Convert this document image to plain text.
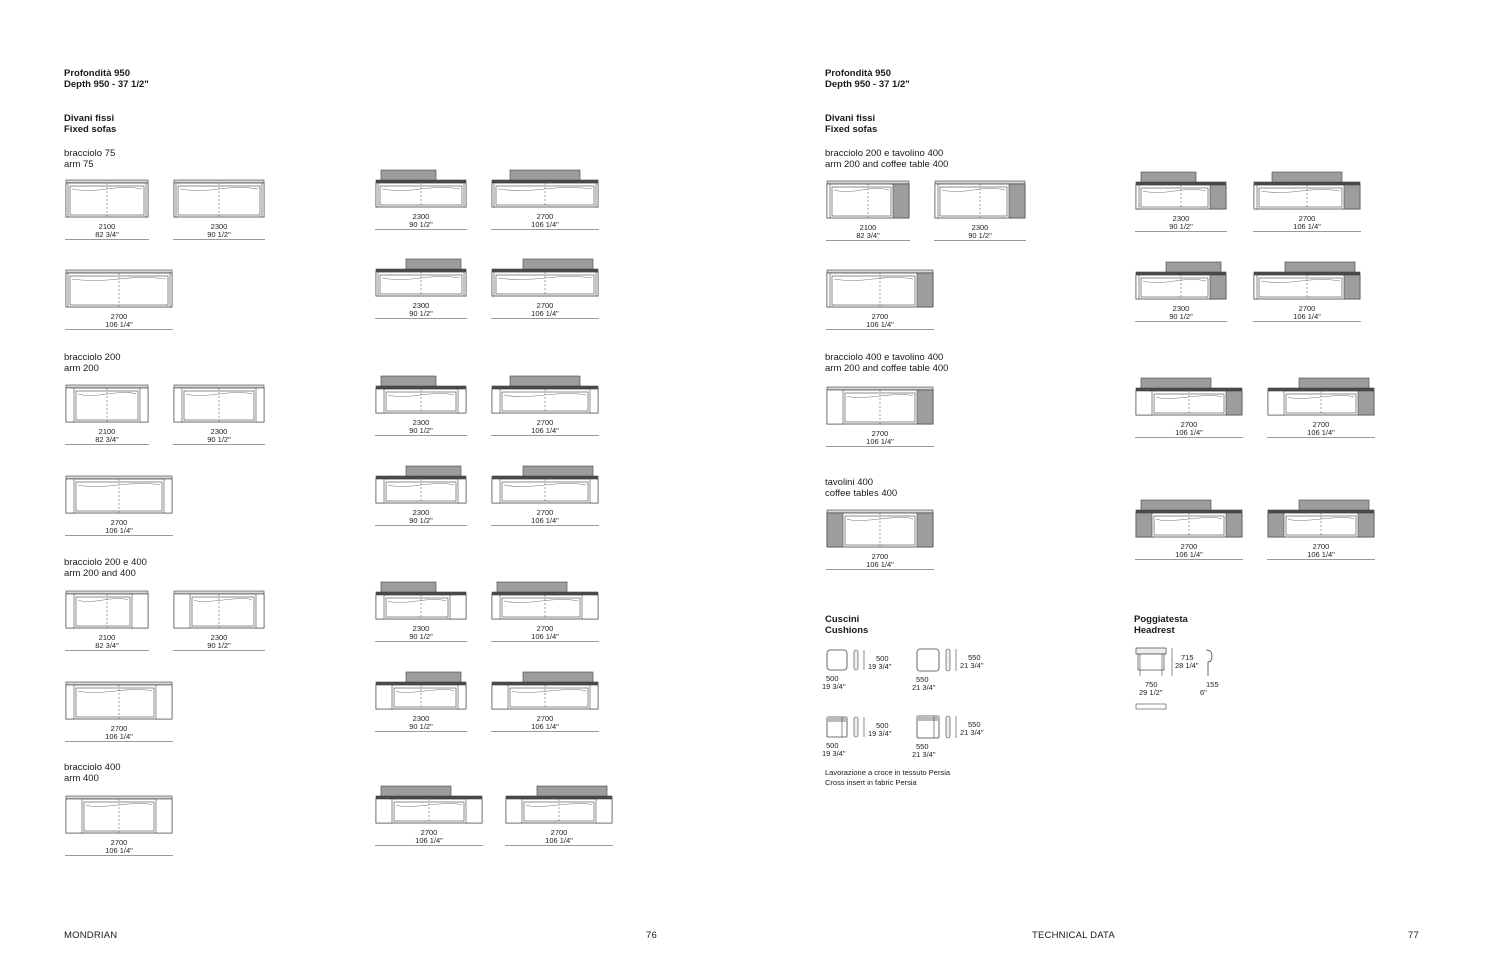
Profondità 950
Depth 950 - 37 1/2"
Divani fissi
Fixed sofas
bracciolo 75
arm 75
bracciolo 200
arm 200
bracciolo 200 e 400
arm 200 and 400
bracciolo 400
arm 400
Profondità 950
Depth 950 - 37 1/2"
Divani fissi
Fixed sofas
bracciolo 200 e tavolino 400
arm 200 and coffee table 400
bracciolo 400 e tavolino 400
arm 200 and coffee table 400
tavolini 400
coffee tables 400
Cuscini
Cushions
Poggiatesta
Headrest
Lavorazione a croce in tessuto Persia
Cross insert in fabric Persia
MONDRIAN	76	TECHNICAL DATA	77
2100
82 3/4"
2300
90 1/2"
2300
90 1/2"
2700
106 1/4"
2700
106 1/4"
2300
90 1/2"
2700
106 1/4"
2100
82 3/4"
2300
90 1/2"
2300
90 1/2"
2700
106 1/4"
2700
106 1/4"
2300
90 1/2"
2700
106 1/4"
2100
82 3/4"
2300
90 1/2"
2300
90 1/2"
2700
106 1/4"
2700
106 1/4"
2300
90 1/2"
2700
106 1/4"
2700
106 1/4"
2700
106 1/4"
2700
106 1/4"
2100
82 3/4"
2300
90 1/2"
2300
90 1/2"
2700
106 1/4"
2700
106 1/4"
2300
90 1/2"
2700
106 1/4"
2700
106 1/4"
2700
106 1/4"
2700
106 1/4"
2700
106 1/4"
2700
106 1/4"
2700
106 1/4"
500
19 3/4"
500
19 3/4"
550
21 3/4"
550
21 3/4"
500
19 3/4"
500
19 3/4"
550
21 3/4"
550
21 3/4"
715
28 1/4"
750
29 1/2"
155
6"
